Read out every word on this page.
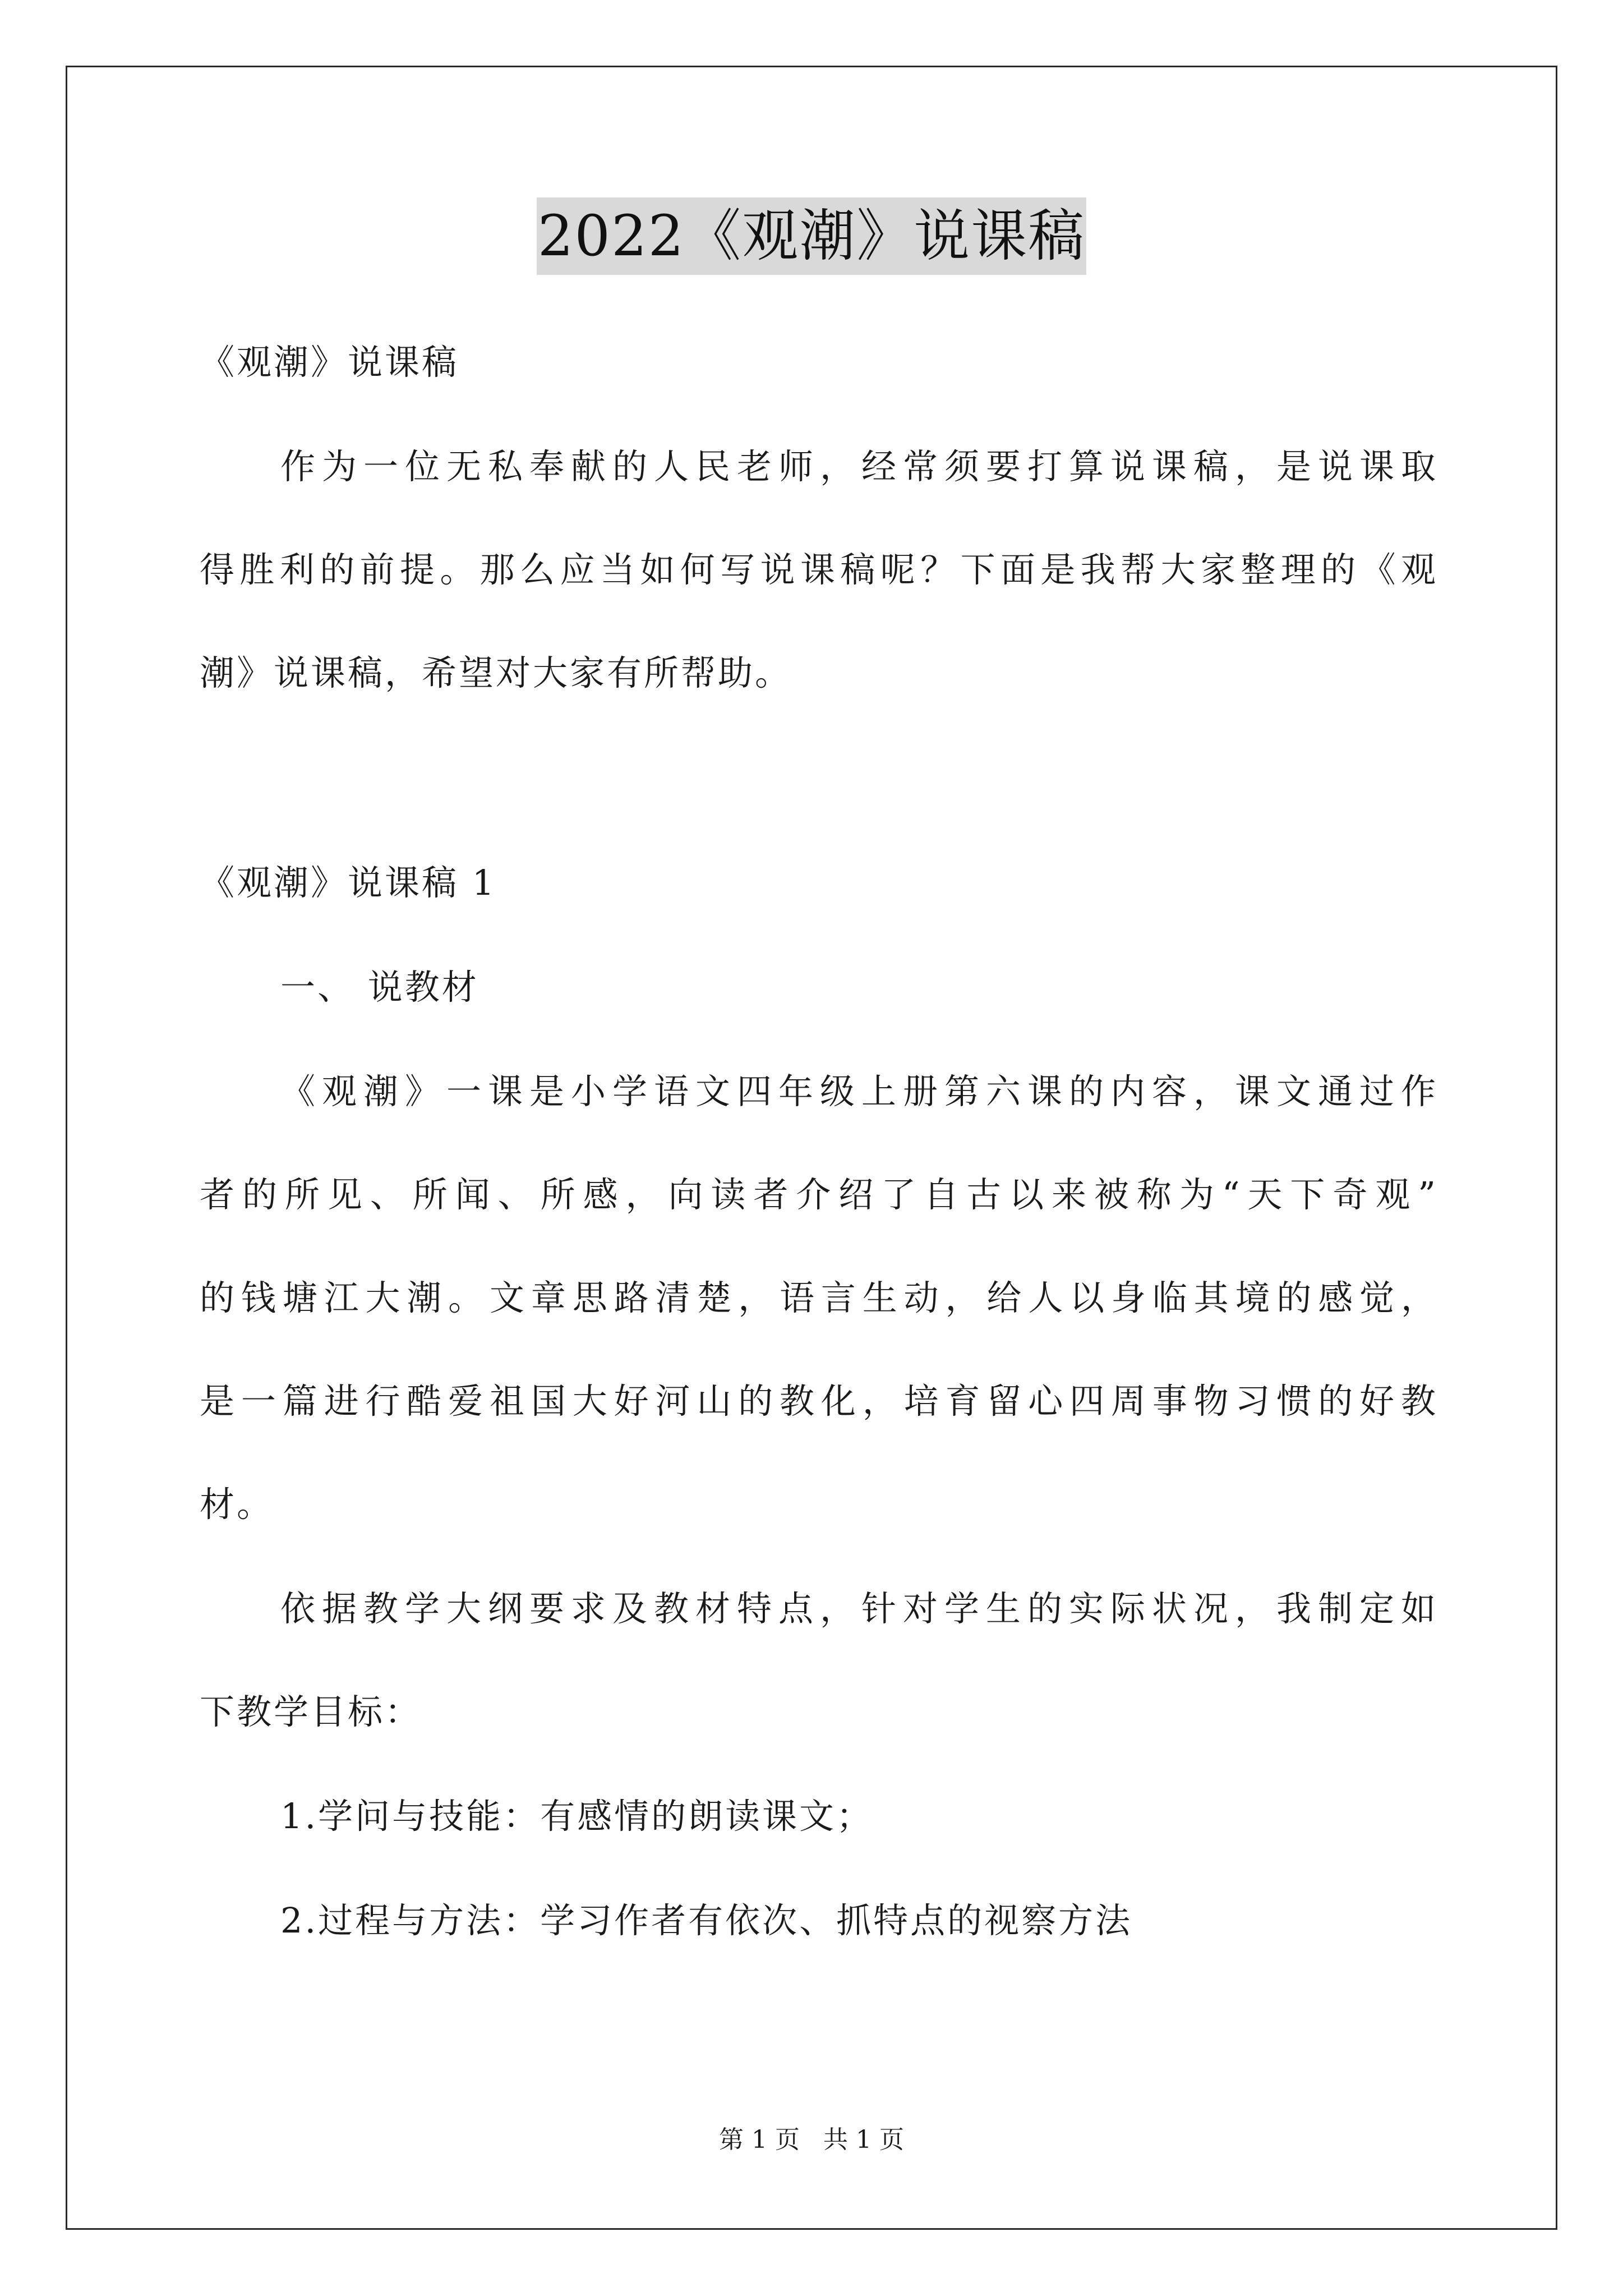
2022《观潮》说课稿
《观潮》说课稿
作为一位无私奉献的人民老师，经常须要打算说课稿，是说课取
得胜利的前提。那么应当如何写说课稿呢？下面是我帮大家整理的《观
潮》说课稿，希望对大家有所帮助。
《观潮》说课稿 1
一、 说教材
《观潮》一课是小学语文四年级上册第六课的内容，课文通过作
者的所见、所闻、所感，向读者介绍了自古以来被称为“天下奇观”
的钱塘江大潮。文章思路清楚，语言生动，给人以身临其境的感觉，
是一篇进行酷爱祖国大好河山的教化，培育留心四周事物习惯的好教
材。
依据教学大纲要求及教材特点，针对学生的实际状况，我制定如
下教学目标：
1.学问与技能：有感情的朗读课文；
2.过程与方法：学习作者有依次、抓特点的视察方法
第 1 页 共 1 页
